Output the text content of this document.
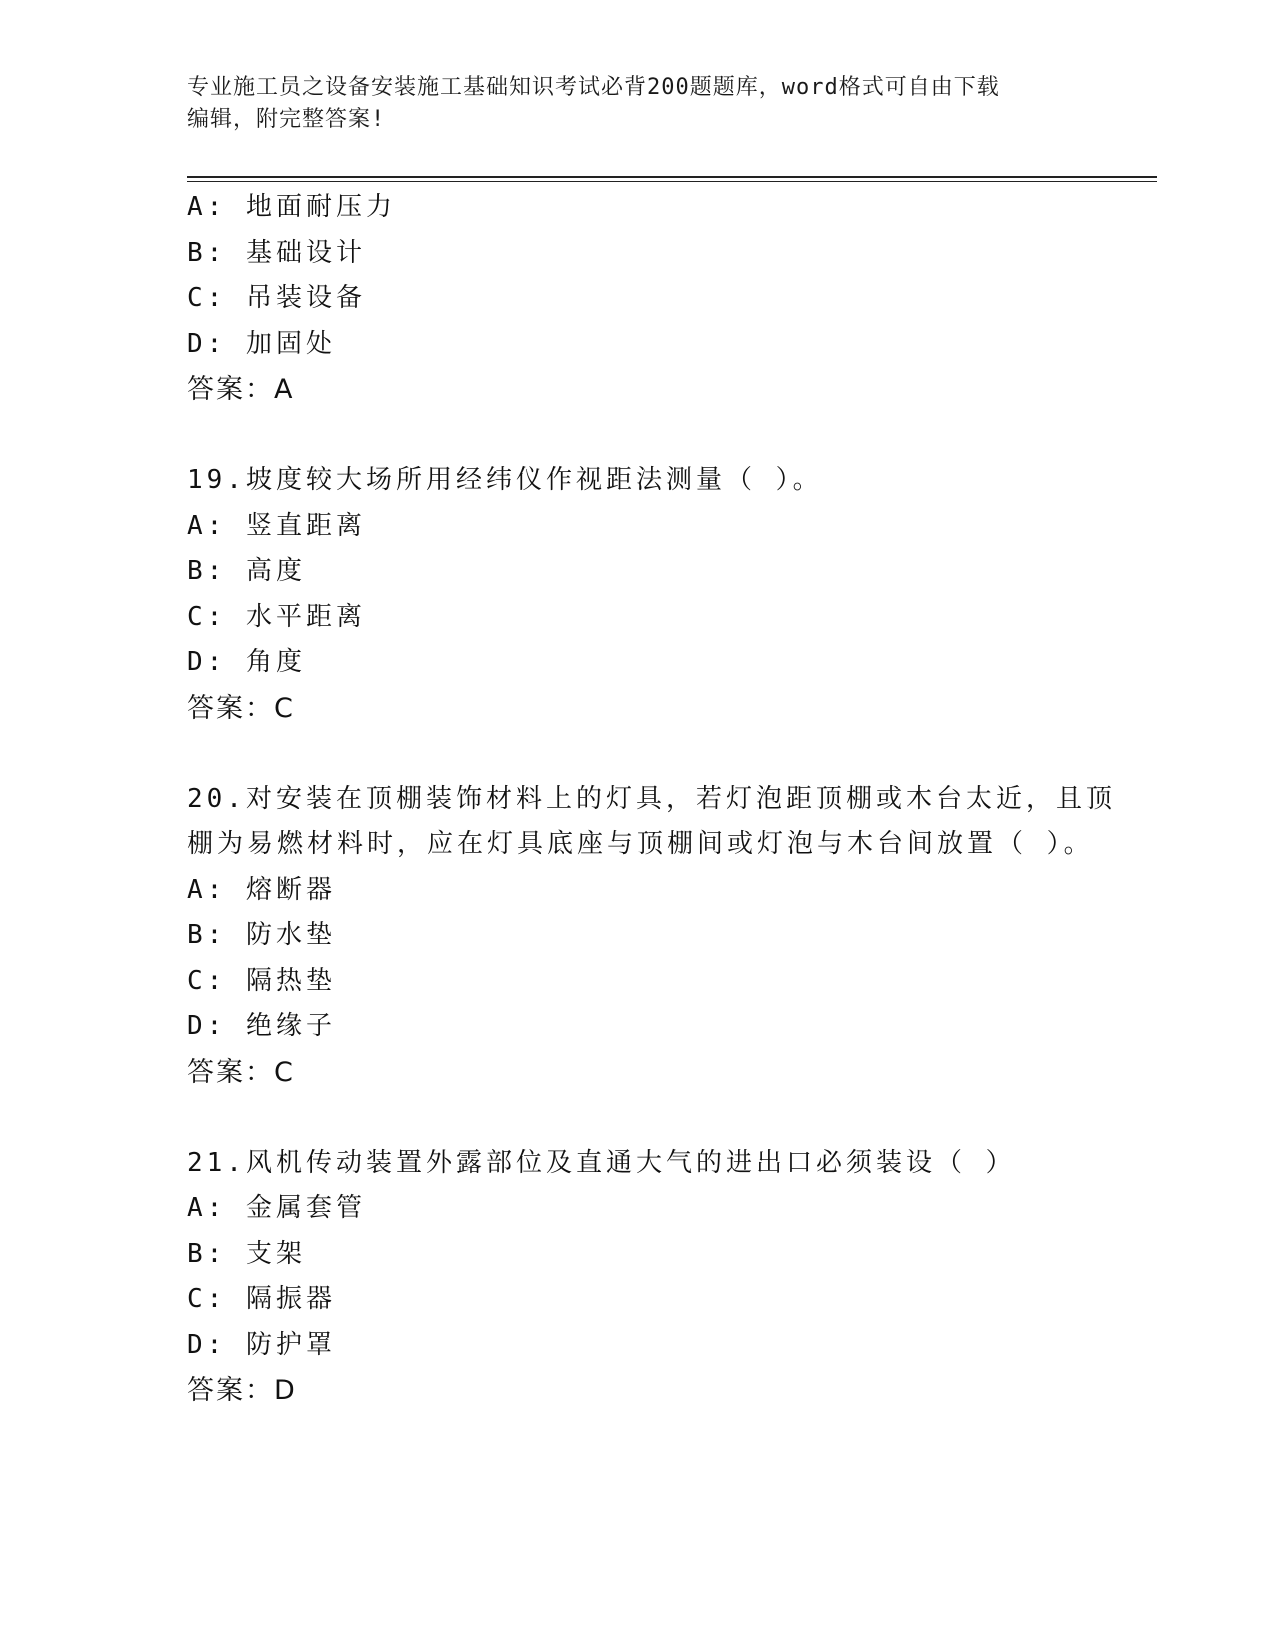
专业施工员之设备安装施工基础知识考试必背200题题库，word格式可自由下载
编辑，附完整答案!
A: 地面耐压力
B: 基础设计
C: 吊装设备
D: 加固处
答案：A
19.坡度较大场所用经纬仪作视距法测量（ ）。
A: 竖直距离
B: 高度
C: 水平距离
D: 角度
答案：C
20.对安装在顶棚装饰材料上的灯具，若灯泡距顶棚或木台太近，且顶
棚为易燃材料时，应在灯具底座与顶棚间或灯泡与木台间放置（ ）。
A: 熔断器
B: 防水垫
C: 隔热垫
D: 绝缘子
答案：C
21.风机传动装置外露部位及直通大气的进出口必须装设（ ）
A: 金属套管
B: 支架
C: 隔振器
D: 防护罩
答案：D
